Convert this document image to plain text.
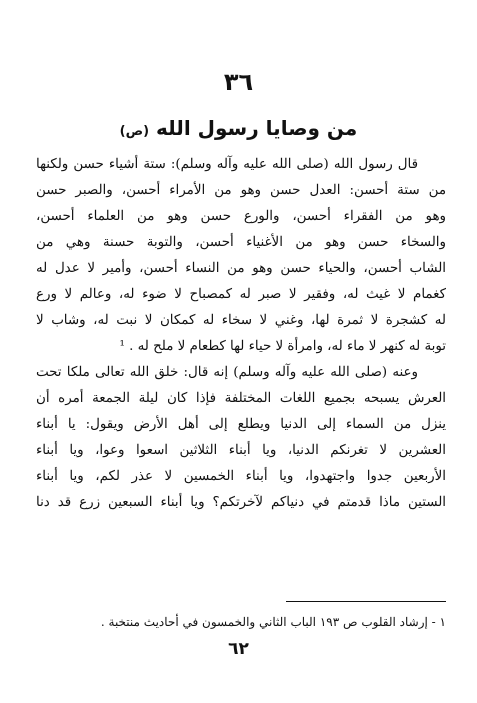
٣٦
من وصايا رسول الله (ص)

قال رسول الله (صلى الله عليه وآله وسلم): ستة أشياء حسن ولكنها
من ستة أحسن: العدل حسن وهو من الأمراء أحسن، والصبر حسن
وهو من الفقراء أحسن، والورع حسن وهو من العلماء أحسن،
والسخاء حسن وهو من الأغنياء أحسن، والتوبة حسنة وهي من
الشاب أحسن، والحياء حسن وهو من النساء أحسن، وأمير لا عدل له
كغمام لا غيث له، وفقير لا صبر له كمصباح لا ضوء له، وعالم لا ورع
له كشجرة لا ثمرة لها، وغني لا سخاء له كمكان لا نبت له، وشاب لا
توبة له كنهر لا ماء له، وامرأة لا حياء لها كطعام لا ملح له . ¹

وعنه (صلى الله عليه وآله وسلم) إنه قال: خلق الله تعالى ملكا تحت
العرش يسبحه بجميع اللغات المختلفة فإذا كان ليلة الجمعة أمره أن
ينزل من السماء إلى الدنيا ويطلع إلى أهل الأرض ويقول: يا أبناء
العشرين لا تغرنكم الدنيا، ويا أبناء الثلاثين اسعوا وعوا، ويا أبناء
الأربعين جدوا واجتهدوا، ويا أبناء الخمسين لا عذر لكم، ويا أبناء
الستين ماذا قدمتم في دنياكم لآخرتكم؟ ويا أبناء السبعين زرع قد دنا

١ - إرشاد القلوب ص ١٩٣ الباب الثاني والخمسون في أحاديث منتخبة .
٦٢
